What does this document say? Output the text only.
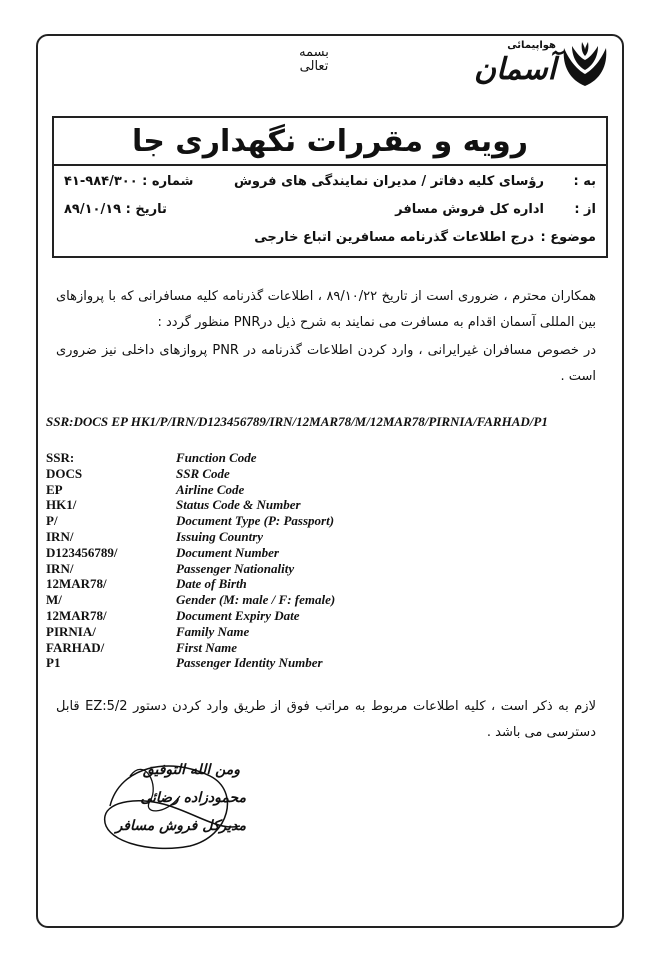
هواپیمائی
آسمان
بسمه تعالی
رویه و مقررات نگهداری جا
به :
رؤسای کلیه دفاتر / مدیران نمایندگی های فروش
شماره : ۹۸۴/۳۰۰-۴۱
از :
اداره کل فروش مسافر
تاریخ : ۸۹/۱۰/۱۹
موضوع :
درج اطلاعات گذرنامه مسافرین اتباع خارجی
همکاران محترم ، ضروری است از تاریخ ۸۹/۱۰/۲۲ ، اطلاعات گذرنامه کلیه مسافرانی که با پروازهای بین المللی آسمان اقدام به مسافرت می نمایند به شرح ذیل درPNR منظور گردد :
در خصوص مسافران غیرایرانی ، وارد کردن اطلاعات گذرنامه در PNR پروازهای داخلی نیز ضروری است .
SSR:DOCS EP HK1/P/IRN/D123456789/IRN/12MAR78/M/12MAR78/PIRNIA/FARHAD/P1
SSR:	Function Code
DOCS	SSR Code
EP	Airline Code
HK1/	Status Code & Number
P/	Document Type (P: Passport)
IRN/	Issuing Country
D123456789/	Document Number
IRN/	Passenger Nationality
12MAR78/	Date of Birth
M/	Gender (M: male / F: female)
12MAR78/	Document Expiry Date
PIRNIA/	Family Name
FARHAD/	First Name
P1	Passenger Identity Number
لازم به ذکر است ، کلیه اطلاعات مربوط به مراتب فوق از طریق وارد کردن دستور EZ:5/2 قابل دسترسی می باشد .
ومن الله التوفیق
محمودزاده رضائی
مدیرکل فروش مسافر
